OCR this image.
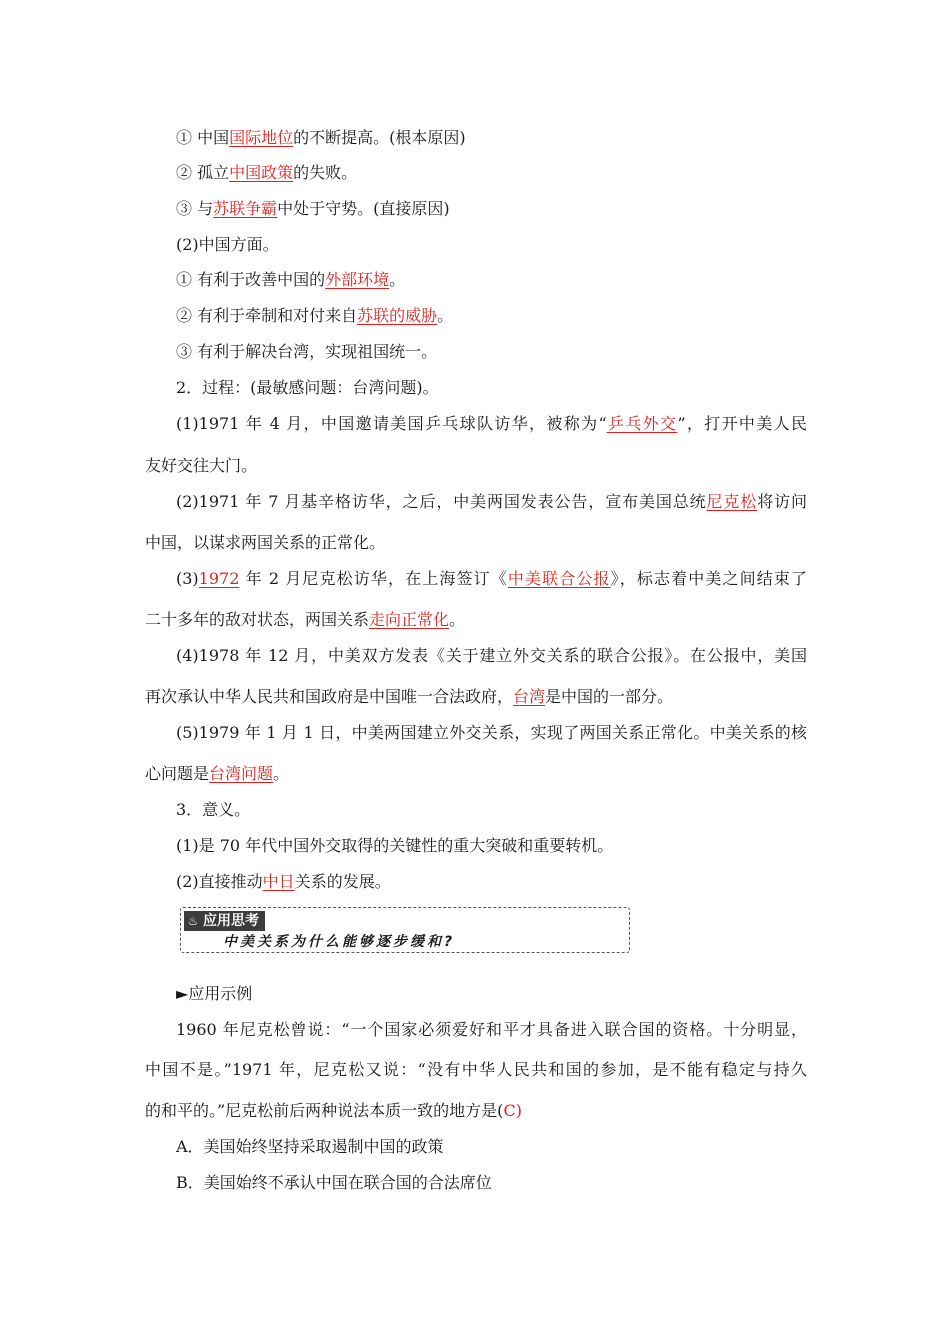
① 中国国际地位的不断提高。(根本原因)
② 孤立中国政策的失败。
③ 与苏联争霸中处于守势。(直接原因)
(2)中国方面。
① 有利于改善中国的外部环境。
② 有利于牵制和对付来自苏联的威胁。
③ 有利于解决台湾，实现祖国统一。
2．过程：(最敏感问题：台湾问题)。
(1)1971 年 4 月，中国邀请美国乒乓球队访华，被称为“乒乓外交”，打开中美人民
友好交往大门。
(2)1971 年 7 月基辛格访华，之后，中美两国发表公告，宣布美国总统尼克松将访问
中国，以谋求两国关系的正常化。
(3)1972 年 2 月尼克松访华，在上海签订《中美联合公报》，标志着中美之间结束了
二十多年的敌对状态，两国关系走向正常化。
(4)1978 年 12 月，中美双方发表《关于建立外交关系的联合公报》。在公报中，美国
再次承认中华人民共和国政府是中国唯一合法政府，台湾是中国的一部分。
(5)1979 年 1 月 1 日，中美两国建立外交关系，实现了两国关系正常化。中美关系的核
心问题是台湾问题。
3．意义。
(1)是 70 年代中国外交取得的关键性的重大突破和重要转机。
(2)直接推动中日关系的发展。
♨ 应用思考
中美关系为什么能够逐步缓和?
►应用示例
1960 年尼克松曾说：“一个国家必须爱好和平才具备进入联合国的资格。十分明显，
中国不是。”1971 年，尼克松又说：“没有中华人民共和国的参加，是不能有稳定与持久
的和平的。”尼克松前后两种说法本质一致的地方是(C)
A．美国始终坚持采取遏制中国的政策
B．美国始终不承认中国在联合国的合法席位
